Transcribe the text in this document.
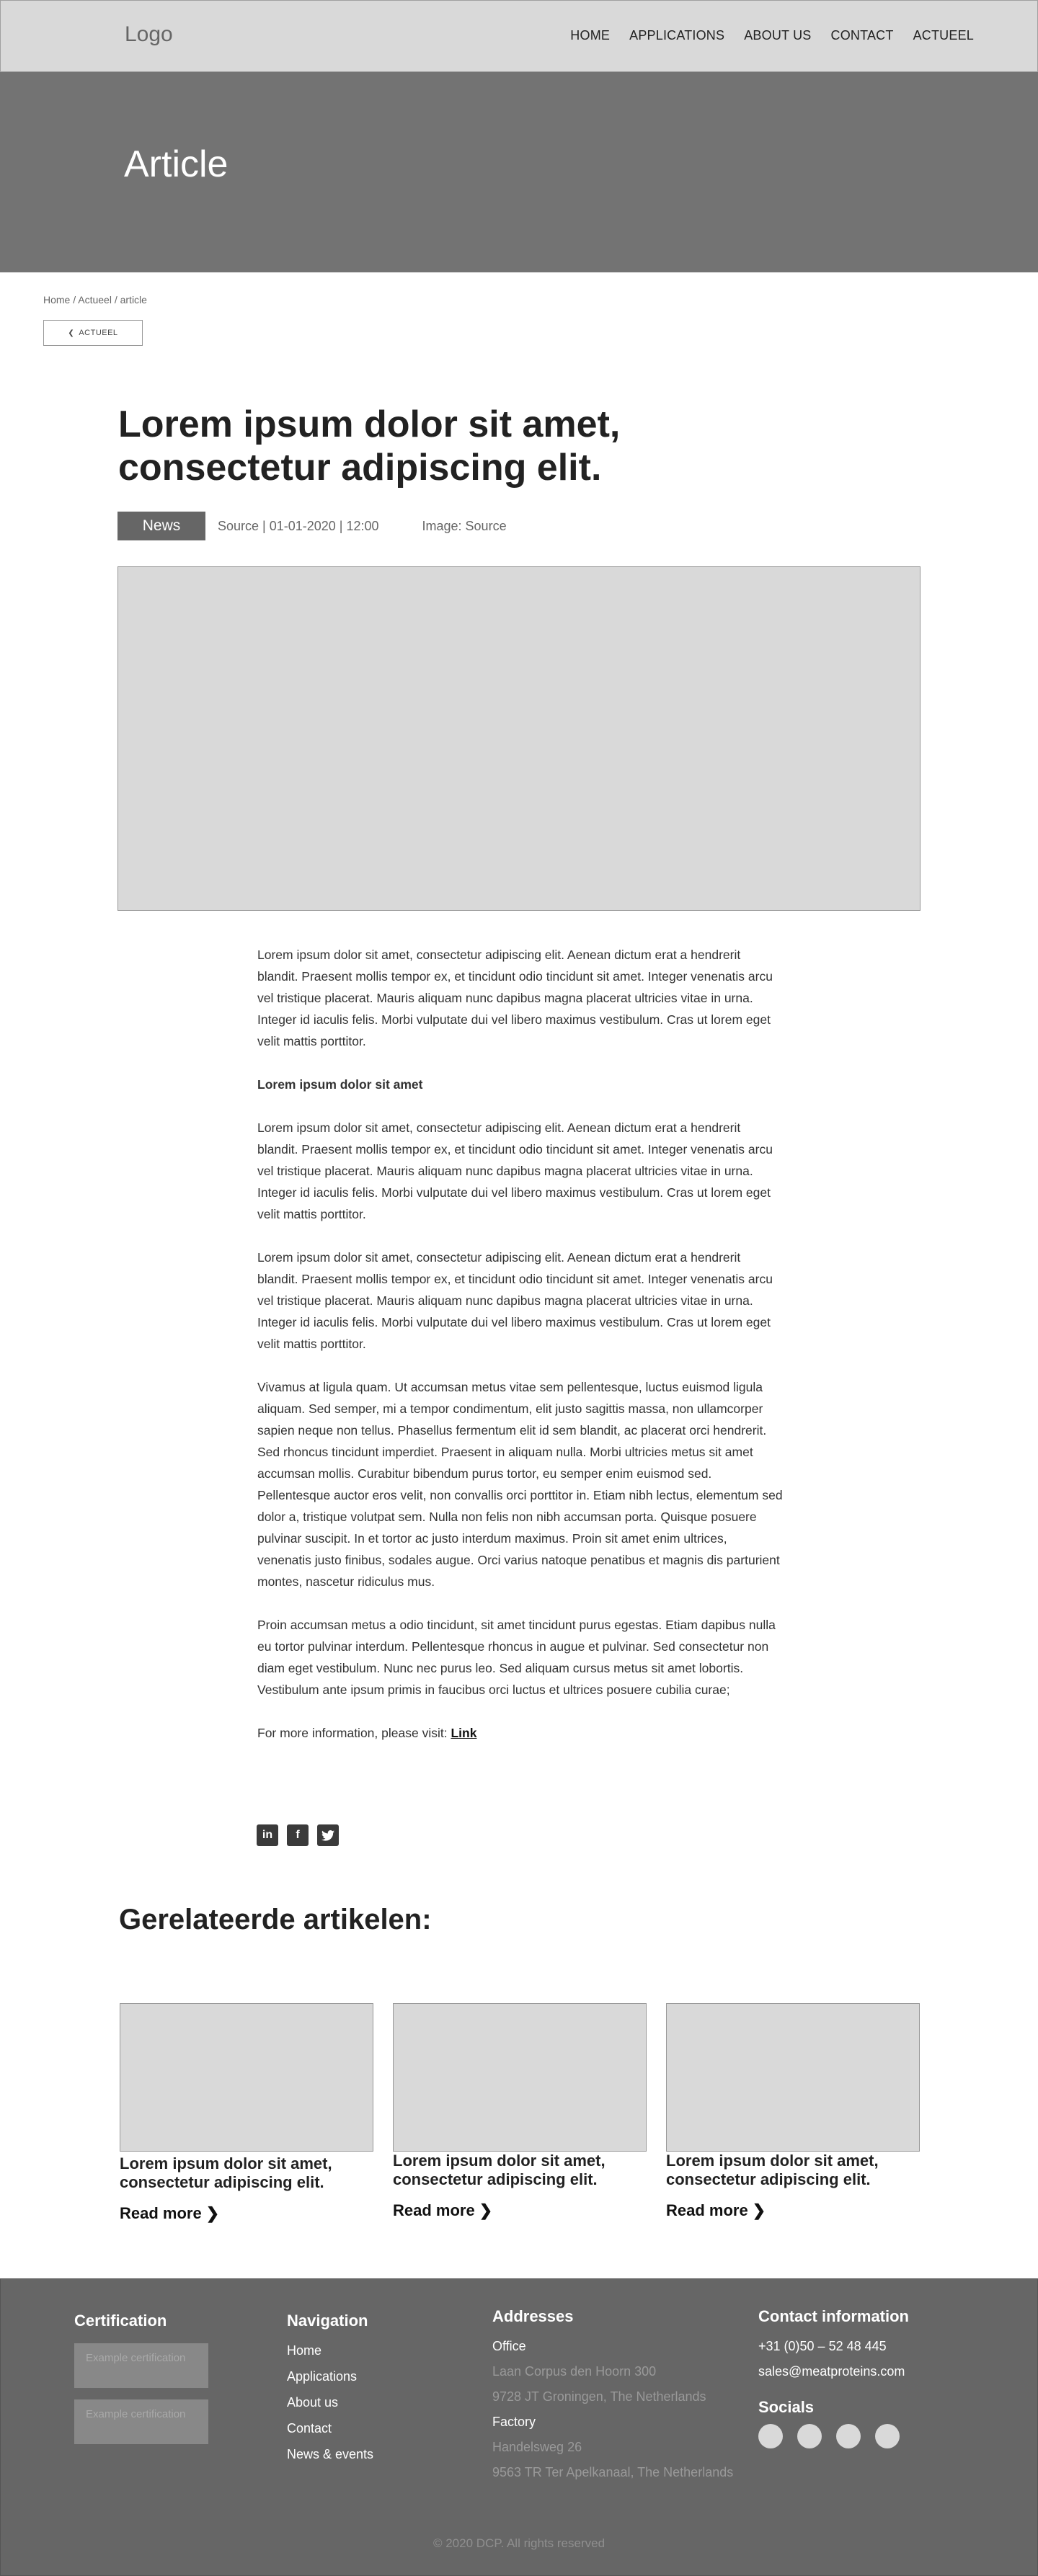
Logo	HOME APPLICATIONS ABOUT US CONTACT ACTUEEL
Article
Home / Actueel / article
❮ ACTUEEL
Lorem ipsum dolor sit amet, consectetur adipiscing elit.
News	Source | 01-01-2020 | 12:00	Image: Source

Lorem ipsum dolor sit amet, consectetur adipiscing elit. Aenean dictum erat a hendrerit blandit. Praesent mollis tempor ex, et tincidunt odio tincidunt sit amet. Integer venenatis arcu vel tristique placerat. Mauris aliquam nunc dapibus magna placerat ultricies vitae in urna. Integer id iaculis felis. Morbi vulputate dui vel libero maximus vestibulum. Cras ut lorem eget velit mattis porttitor.

Lorem ipsum dolor sit amet

Lorem ipsum dolor sit amet, consectetur adipiscing elit. Aenean dictum erat a hendrerit blandit. Praesent mollis tempor ex, et tincidunt odio tincidunt sit amet. Integer venenatis arcu vel tristique placerat. Mauris aliquam nunc dapibus magna placerat ultricies vitae in urna. Integer id iaculis felis. Morbi vulputate dui vel libero maximus vestibulum. Cras ut lorem eget velit mattis porttitor.

Lorem ipsum dolor sit amet, consectetur adipiscing elit. Aenean dictum erat a hendrerit blandit. Praesent mollis tempor ex, et tincidunt odio tincidunt sit amet. Integer venenatis arcu vel tristique placerat. Mauris aliquam nunc dapibus magna placerat ultricies vitae in urna. Integer id iaculis felis. Morbi vulputate dui vel libero maximus vestibulum. Cras ut lorem eget velit mattis porttitor.

Vivamus at ligula quam. Ut accumsan metus vitae sem pellentesque, luctus euismod ligula aliquam. Sed semper, mi a tempor condimentum, elit justo sagittis massa, non ullamcorper sapien neque non tellus. Phasellus fermentum elit id sem blandit, ac placerat orci hendrerit. Sed rhoncus tincidunt imperdiet. Praesent in aliquam nulla. Morbi ultricies metus sit amet accumsan mollis. Curabitur bibendum purus tortor, eu semper enim euismod sed. Pellentesque auctor eros velit, non convallis orci porttitor in. Etiam nibh lectus, elementum sed dolor a, tristique volutpat sem. Nulla non felis non nibh accumsan porta. Quisque posuere pulvinar suscipit. In et tortor ac justo interdum maximus. Proin sit amet enim ultrices, venenatis justo finibus, sodales augue. Orci varius natoque penatibus et magnis dis parturient montes, nascetur ridiculus mus.

Proin accumsan metus a odio tincidunt, sit amet tincidunt purus egestas. Etiam dapibus nulla eu tortor pulvinar interdum. Pellentesque rhoncus in augue et pulvinar. Sed consectetur non diam eget vestibulum. Nunc nec purus leo. Sed aliquam cursus metus sit amet lobortis. Vestibulum ante ipsum primis in faucibus orci luctus et ultrices posuere cubilia curae;

For more information, please visit: Link

in	f
Gerelateerde artikelen:
Lorem ipsum dolor sit amet, consectetur adipiscing elit.
Read more ❯
Lorem ipsum dolor sit amet, consectetur adipiscing elit.
Read more ❯
Lorem ipsum dolor sit amet, consectetur adipiscing elit.
Read more ❯
Certification
Example certification
Example certification
Navigation
Home
Applications
About us
Contact
News & events
Addresses
Office
Laan Corpus den Hoorn 300
9728 JT Groningen, The Netherlands
Factory
Handelsweg 26
9563 TR Ter Apelkanaal, The Netherlands
Contact information
+31 (0)50 – 52 48 445
sales@meatproteins.com
Socials
© 2020 DCP. All rights reserved
